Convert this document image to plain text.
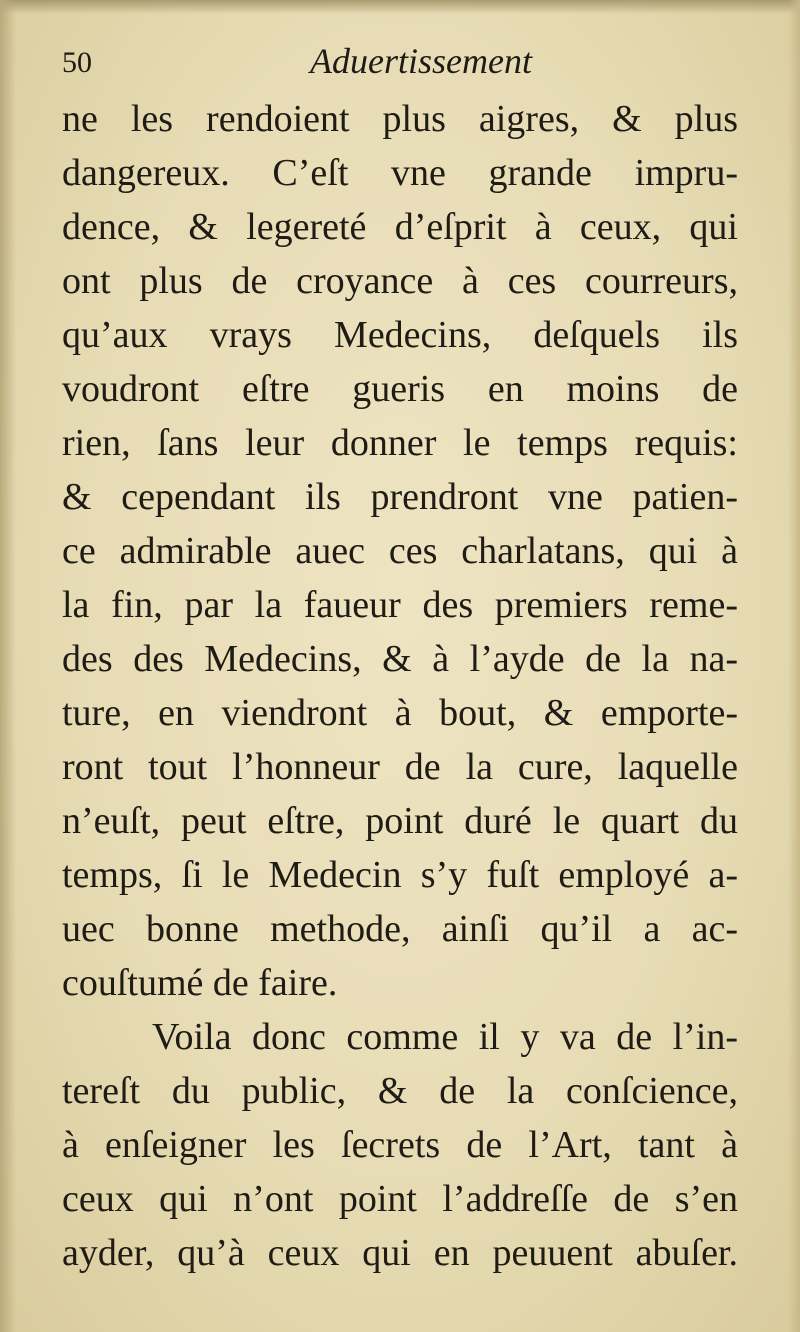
50	Aduertissement
ne les rendoient plus aigres, & plus
dangereux. C’eſt vne grande impru-
dence, & legereté d’eſprit à ceux, qui
ont plus de croyance à ces courreurs,
qu’aux vrays Medecins, deſquels ils
voudront eſtre gueris en moins de
rien, ſans leur donner le temps requis:
& cependant ils prendront vne patien-
ce admirable auec ces charlatans, qui à
la fin, par la faueur des premiers reme-
des des Medecins, & à l’ayde de la na-
ture, en viendront à bout, & emporte-
ront tout l’honneur de la cure, laquelle
n’euſt, peut eſtre, point duré le quart du
temps, ſi le Medecin s’y fuſt employé a-
uec bonne methode, ainſi qu’il a ac-
couſtumé de faire.
Voila donc comme il y va de l’in-
tereſt du public, & de la conſcience,
à enſeigner les ſecrets de l’Art, tant à
ceux qui n’ont point l’addreſſe de s’en
ayder, qu’à ceux qui en peuuent abuſer.
